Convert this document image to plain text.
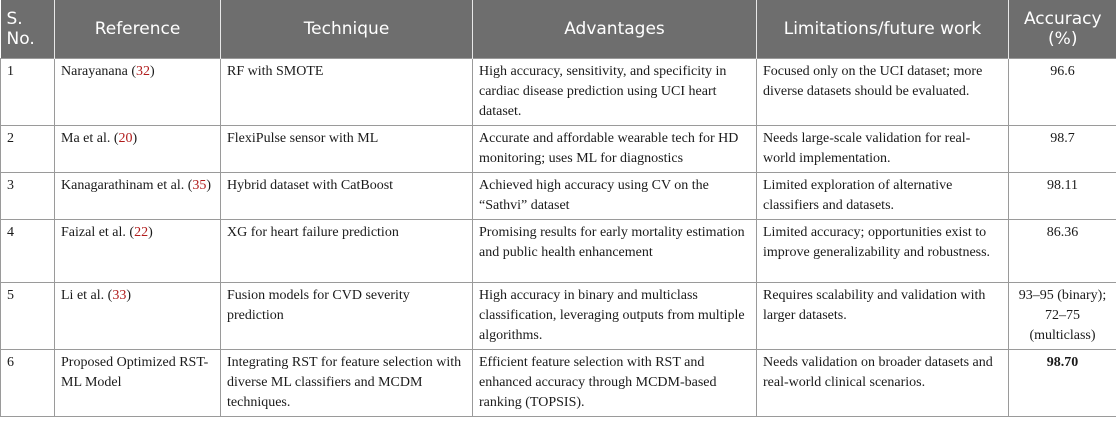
S. No.	Reference	Technique	Advantages	Limitations/future work	Accuracy (%)
1	Narayanana (32)	RF with SMOTE	High accuracy, sensitivity, and specificity in cardiac disease prediction using UCI heart dataset.	Focused only on the UCI dataset; more diverse datasets should be evaluated.	96.6
2	Ma et al. (20)	FlexiPulse sensor with ML	Accurate and affordable wearable tech for HD monitoring; uses ML for diagnostics	Needs large-scale validation for real-world implementation.	98.7
3	Kanagarathinam et al. (35)	Hybrid dataset with CatBoost	Achieved high accuracy using CV on the “Sathvi” dataset	Limited exploration of alternative classifiers and datasets.	98.11
4	Faizal et al. (22)	XG for heart failure prediction	Promising results for early mortality estimation and public health enhancement	Limited accuracy; opportunities exist to improve generalizability and robustness.	86.36
5	Li et al. (33)	Fusion models for CVD severity prediction	High accuracy in binary and multiclass classification, leveraging outputs from multiple algorithms.	Requires scalability and validation with larger datasets.	93–95 (binary); 72–75 (multiclass)
6	Proposed Optimized RST-ML Model	Integrating RST for feature selection with diverse ML classifiers and MCDM techniques.	Efficient feature selection with RST and enhanced accuracy through MCDM-based ranking (TOPSIS).	Needs validation on broader datasets and real-world clinical scenarios.	98.70
